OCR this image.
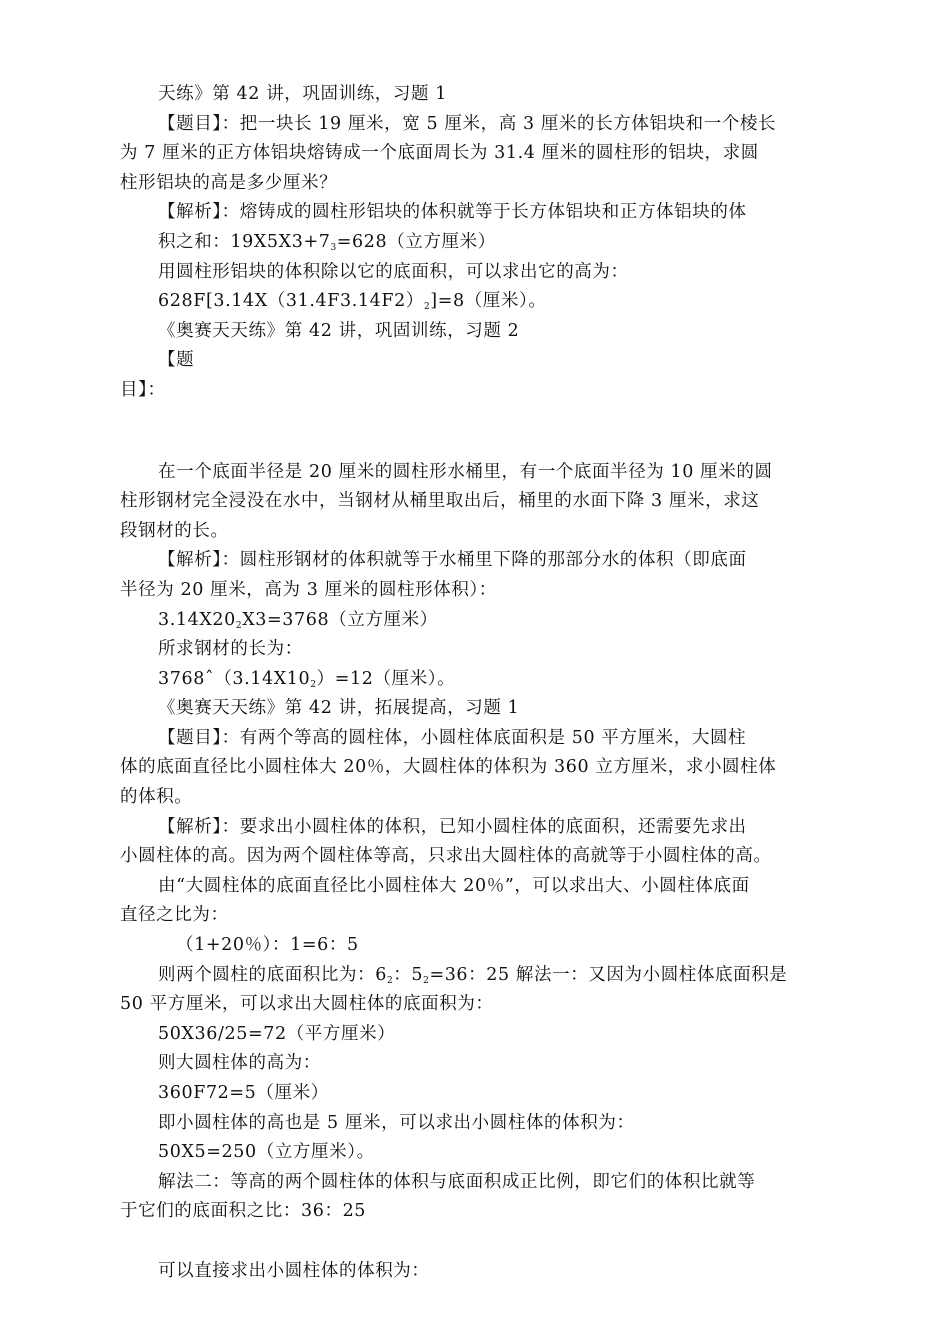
天练》第 42 讲，巩固训练，习题 1
【题目】：把一块长 19 厘米，宽 5 厘米，高 3 厘米的长方体铝块和一个棱长
为 7 厘米的正方体铝块熔铸成一个底面周长为 31.4 厘米的圆柱形的铝块，求圆
柱形铝块的高是多少厘米？
【解析】：熔铸成的圆柱形铝块的体积就等于长方体铝块和正方体铝块的体
积之和：$19X5X3+7_3=628$（立方厘米）
用圆柱形铝块的体积除以它的底面积，可以求出它的高为：
$628F[3.14X(31.4F3.14F2)_2]=8$（厘米）。
《奥赛天天练》第 42 讲，巩固训练，习题 2
【题
目】：
在一个底面半径是 20 厘米的圆柱形水桶里，有一个底面半径为 10 厘米的圆
柱形钢材完全浸没在水中，当钢材从桶里取出后，桶里的水面下降 3 厘米，求这
段钢材的长。
【解析】：圆柱形钢材的体积就等于水桶里下降的那部分水的体积（即底面
半径为 20 厘米，高为 3 厘米的圆柱形体积）：
$3.14X20_2X3=3768$（立方厘米）
所求钢材的长为：
$3768ˆ(3.14X10_2)=12$（厘米）。
《奥赛天天练》第 42 讲，拓展提高，习题 1
【题目】：有两个等高的圆柱体，小圆柱体底面积是 50 平方厘米，大圆柱
体的底面直径比小圆柱体大 20％，大圆柱体的体积为 360 立方厘米，求小圆柱体
的体积。
【解析】：要求出小圆柱体的体积，已知小圆柱体的底面积，还需要先求出
小圆柱体的高。因为两个圆柱体等高，只求出大圆柱体的高就等于小圆柱体的高。
由“大圆柱体的底面直径比小圆柱体大 20％”，可以求出大、小圆柱体底面
直径之比为：
（1+20％）：1=6：5
则两个圆柱的底面积比为：$6_2$：$5_2=36$：25 解法一：又因为小圆柱体底面积是
50 平方厘米，可以求出大圆柱体的底面积为：
50X36/25=72（平方厘米）
则大圆柱体的高为：
360F72=5（厘米）
即小圆柱体的高也是 5 厘米，可以求出小圆柱体的体积为：
50X5=250（立方厘米）。
解法二：等高的两个圆柱体的体积与底面积成正比例，即它们的体积比就等
于它们的底面积之比：36：25
可以直接求出小圆柱体的体积为：
